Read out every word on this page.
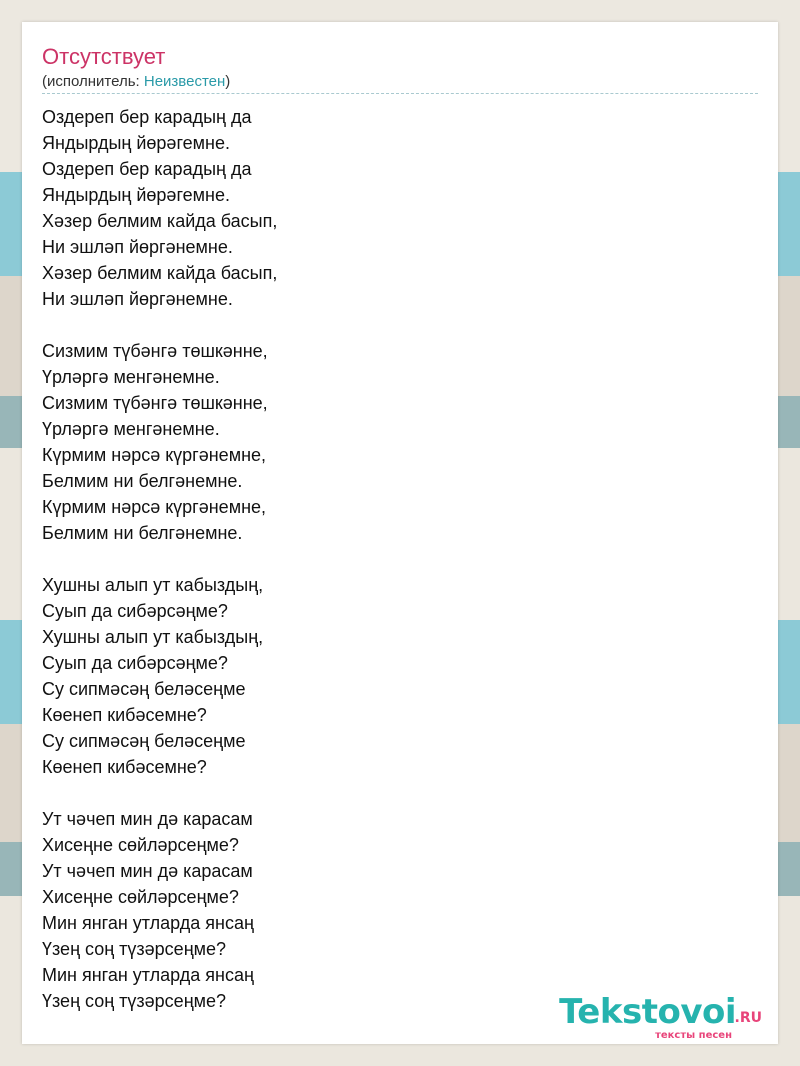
Отсутствует
(исполнитель: Неизвестен)
Оздереп бер карадың да
Яндырдың йөрәгемне.
Оздереп бер карадың да
Яндырдың йөрәгемне.
Хәзер белмим кайда басып,
Ни эшләп йөргәнемне.
Хәзер белмим кайда басып,
Ни эшләп йөргәнемне.
Сизмим түбәнгә төшкәнне,
Үрләргә менгәнемне.
Сизмим түбәнгә төшкәнне,
Үрләргә менгәнемне.
Күрмим нәрсә күргәнемне,
Белмим ни белгәнемне.
Күрмим нәрсә күргәнемне,
Белмим ни белгәнемне.
Хушны алып ут кабыздың,
Суып да сибәрсәңме?
Хушны алып ут кабыздың,
Суып да сибәрсәңме?
Су сипмәсәң беләсеңме
Көенеп кибәсемне?
Су сипмәсәң беләсеңме
Көенеп кибәсемне?
Ут чәчеп мин дә карасам
Хисеңне сөйләрсеңме?
Ут чәчеп мин дә карасам
Хисеңне сөйләрсеңме?
Мин янган утларда янсаң
Үзең соң түзәрсеңме?
Мин янган утларда янсаң
Үзең соң түзәрсеңме?	Tekstovoi
.RU
тексты песен
